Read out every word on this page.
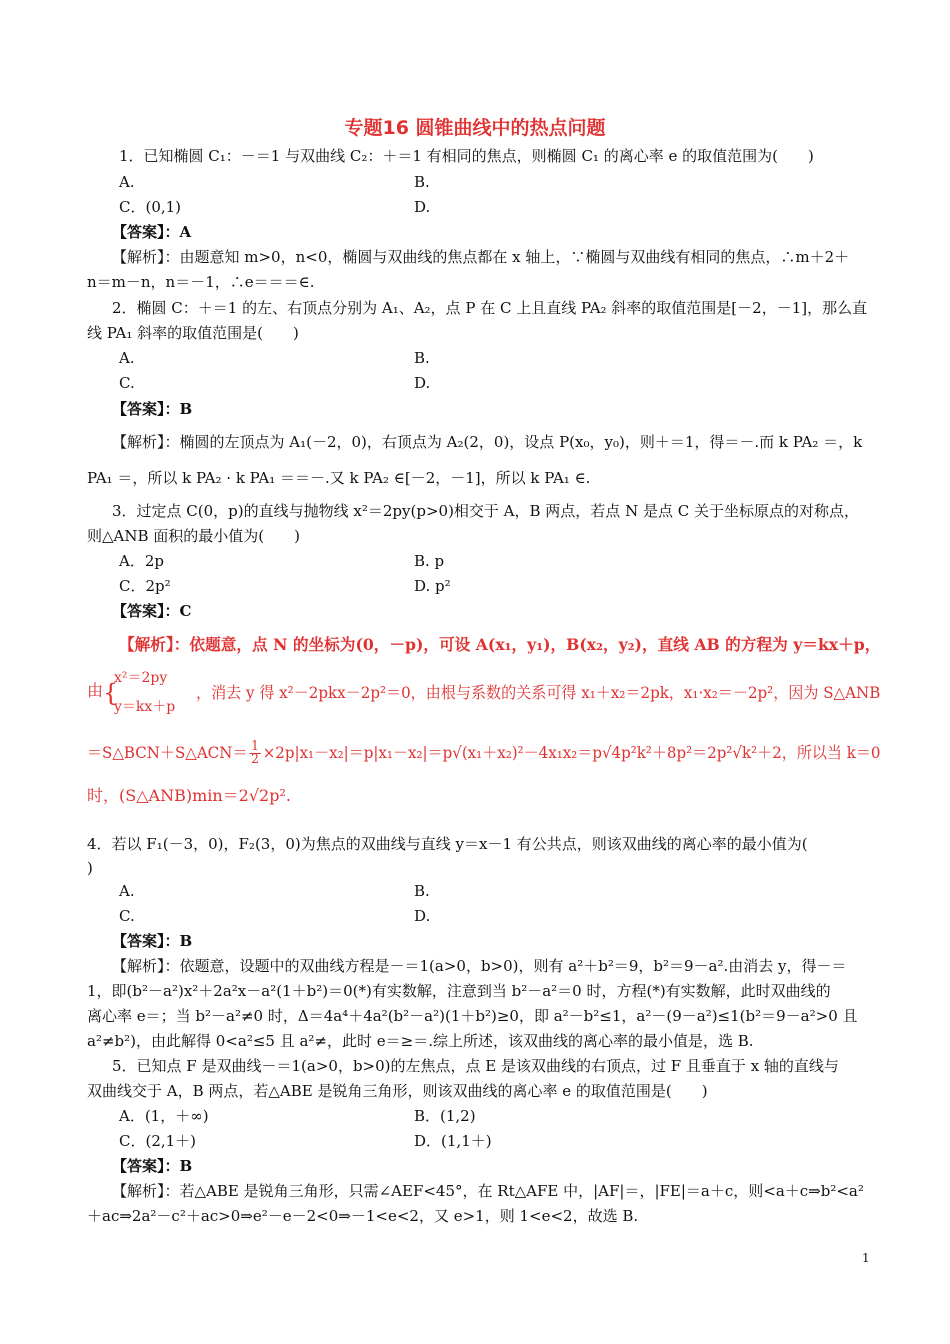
专题16 圆锥曲线中的热点问题
1．已知椭圆 C₁：－＝1 与双曲线 C₂：＋＝1 有相同的焦点，则椭圆 C₁ 的离心率 e 的取值范围为(　　)
A.	B.
C．(0,1)	D.
【答案】：A
【解析】：由题意知 m>0，n<0，椭圆与双曲线的焦点都在 x 轴上，∵椭圆与双曲线有相同的焦点，∴m＋2＋
n＝m－n，n＝－1，∴e＝＝＝∈.
2．椭圆 C：＋＝1 的左、右顶点分别为 A₁、A₂，点 P 在 C 上且直线 PA₂ 斜率的取值范围是[－2，－1]，那么直
线 PA₁ 斜率的取值范围是(　　)
A.	B.
C.	D.
【答案】：B
【解析】：椭圆的左顶点为 A₁(－2，0)，右顶点为 A₂(2，0)，设点 P(x₀，y₀)，则＋＝1，得＝－.而 k PA₂ ＝，k
PA₁ ＝，所以 k PA₂ · k PA₁ ＝＝－.又 k PA₂ ∈[－2，－1]，所以 k PA₁ ∈.
3．过定点 C(0，p)的直线与抛物线 x²＝2py(p>0)相交于 A，B 两点，若点 N 是点 C 关于坐标原点的对称点，
则△ANB 面积的最小值为(　　)
A．2p	B. p
C．2p²	D. p²
【答案】：C
【解析】：依题意，点 N 的坐标为(0，－p)，可设 A(x₁，y₁)，B(x₂，y₂)，直线 AB 的方程为 y＝kx＋p，
由 {
x²＝2py
y＝kx＋p
，消去 y 得 x²－2pkx－2p²＝0，由根与系数的关系可得 x₁＋x₂＝2pk，x₁·x₂＝－2p²，因为 S△ANB
＝S△BCN＋S△ACN＝ $\frac{1}{2} \times 2p|x_1-x_2|=p|x_1-x_2|=p√(x_1+x_2)^2-4x_1x_2=p√4p^2k^2+8p^2=2p^2√k^2+2$，所以当 k＝0
时，(S△ANB)min＝2√2p².
4．若以 F₁(－3，0)，F₂(3，0)为焦点的双曲线与直线 y＝x－1 有公共点，则该双曲线的离心率的最小值为(
)
A.	B.
C.	D.
【答案】：B
【解析】：依题意，设题中的双曲线方程是－＝1(a>0，b>0)，则有 a²＋b²＝9，b²＝9－a².由消去 y，得－＝
1，即(b²－a²)x²＋2a²x－a²(1＋b²)＝0(*)有实数解，注意到当 b²－a²＝0 时，方程(*)有实数解，此时双曲线的
离心率 e＝；当 b²－a²≠0 时，Δ＝4a⁴＋4a²(b²－a²)(1＋b²)≥0，即 a²－b²≤1，a²－(9－a²)≤1(b²＝9－a²>0 且
a²≠b²)，由此解得 0<a²≤5 且 a²≠，此时 e＝≥＝.综上所述，该双曲线的离心率的最小值是，选 B.
5．已知点 F 是双曲线－＝1(a>0，b>0)的左焦点，点 E 是该双曲线的右顶点，过 F 且垂直于 x 轴的直线与
双曲线交于 A，B 两点，若△ABE 是锐角三角形，则该双曲线的离心率 e 的取值范围是(　　)
A．(1，＋∞)	B．(1,2)
C．(2,1＋)	D．(1,1＋)
【答案】：B
【解析】：若△ABE 是锐角三角形，只需∠AEF<45°，在 Rt△AFE 中，|AF|＝，|FE|＝a＋c，则<a＋c⇒b²<a²
＋ac⇒2a²－c²＋ac>0⇒e²－e－2<0⇒－1<e<2，又 e>1，则 1<e<2，故选 B.
1
